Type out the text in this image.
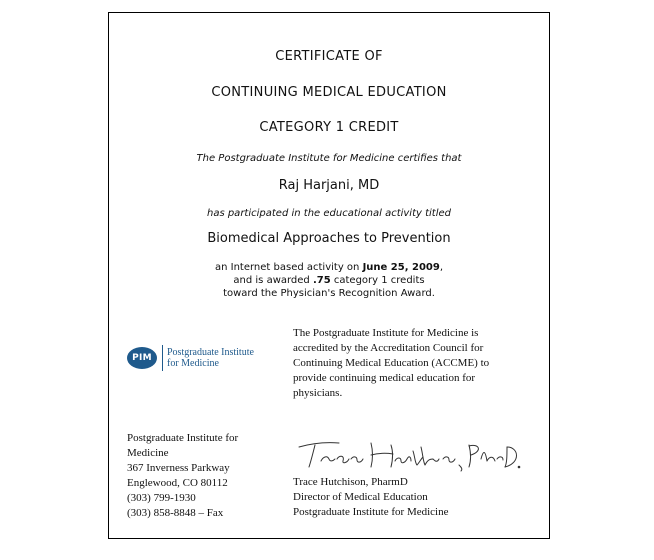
CERTIFICATE OF
CONTINUING MEDICAL EDUCATION
CATEGORY 1 CREDIT
The Postgraduate Institute for Medicine certifies that
Raj Harjani, MD
has participated in the educational activity titled
Biomedical Approaches to Prevention
an Internet based activity on June 25, 2009,
and is awarded .75 category 1 credits
toward the Physician's Recognition Award.
The Postgraduate Institute for Medicine is
accredited by the Accreditation Council for
Continuing Medical Education (ACCME) to
provide continuing medical education for
physicians.
PIM	Postgraduate Institute
for Medicine
Postgraduate Institute for
Medicine
367 Inverness Parkway
Englewood, CO 80112
(303) 799-1930
(303) 858-8848 – Fax
Trace Hutchison, PharmD
Director of Medical Education
Postgraduate Institute for Medicine
